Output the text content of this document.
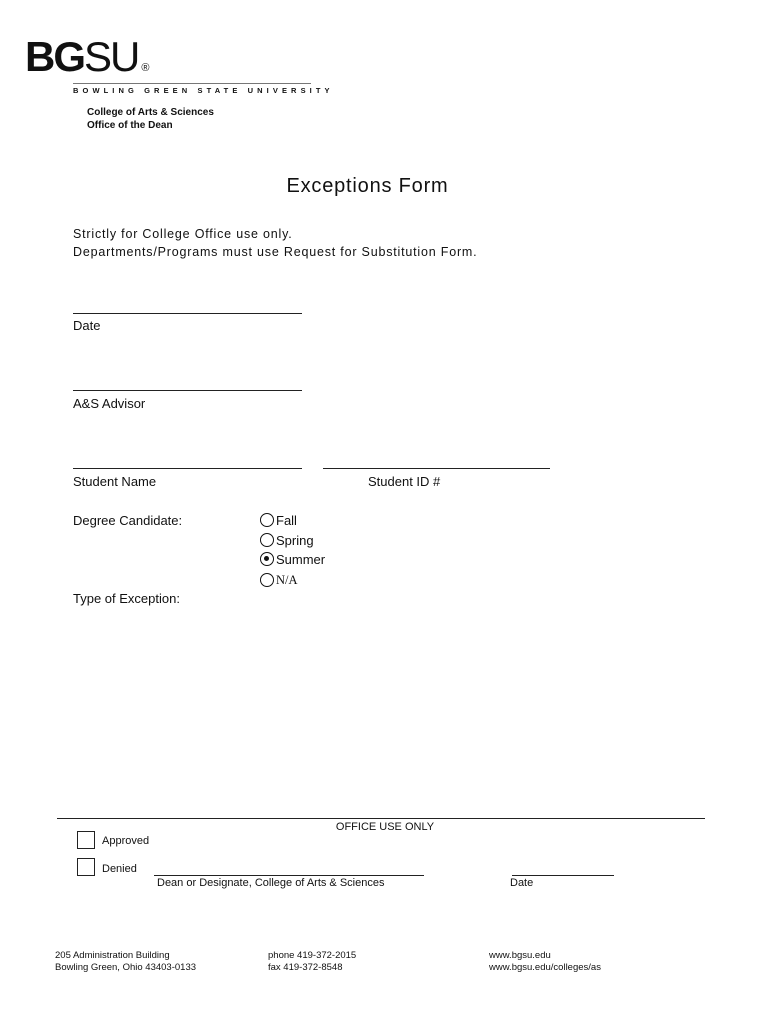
BGSU ®
BOWLING GREEN STATE UNIVERSITY
College of Arts & Sciences
Office of the Dean
Exceptions Form
Strictly for College Office use only.
Departments/Programs must use Request for Substitution Form.
Date
A&S Advisor
Student Name	Student ID #
Degree Candidate:	Fall
Spring
Summer
N/A
Type of Exception:
OFFICE USE ONLY
Approved
Denied
Dean or Designate, College of Arts & Sciences	Date
205 Administration Building
Bowling Green, Ohio 43403-0133
phone 419-372-2015
fax 419-372-8548
www.bgsu.edu
www.bgsu.edu/colleges/as
